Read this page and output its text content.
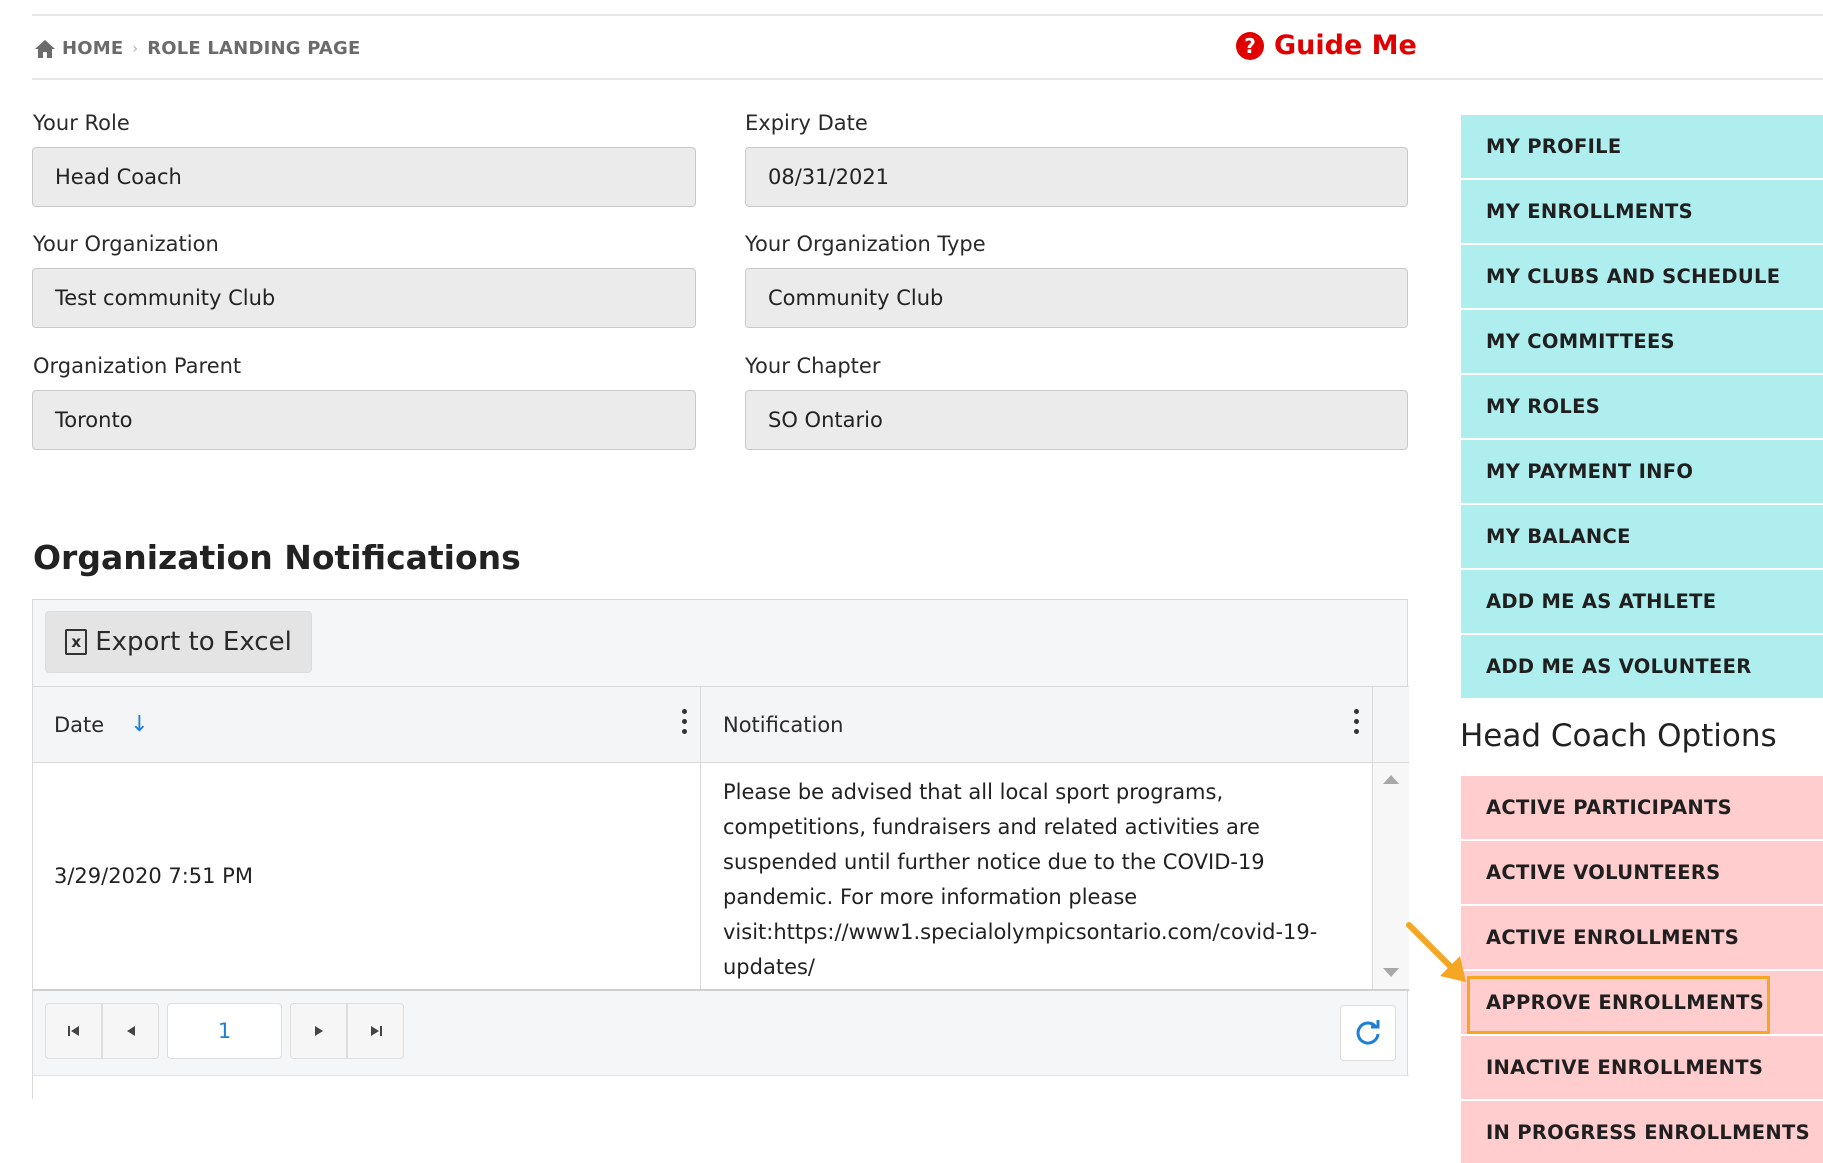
HOME › ROLE LANDING PAGE	? Guide Me
Your Role
Head Coach
Expiry Date
08/31/2021
Your Organization
Test community Club
Your Organization Type
Community Club
Organization Parent
Toronto
Your Chapter
SO Ontario
Organization Notifications
x Export to Excel
Date ↓	Notification
3/29/2020 7:51 PM
Please be advised that all local sport programs, competitions, fundraisers and related activities are suspended until further notice due to the COVID-19 pandemic. For more information please visit:https://www1.specialolympicsontario.com/covid-19-updates/
1
MY PROFILE
MY ENROLLMENTS
MY CLUBS AND SCHEDULE
MY COMMITTEES
MY ROLES
MY PAYMENT INFO
MY BALANCE
ADD ME AS ATHLETE
ADD ME AS VOLUNTEER
Head Coach Options
ACTIVE PARTICIPANTS
ACTIVE VOLUNTEERS
ACTIVE ENROLLMENTS
APPROVE ENROLLMENTS
INACTIVE ENROLLMENTS
IN PROGRESS ENROLLMENTS
